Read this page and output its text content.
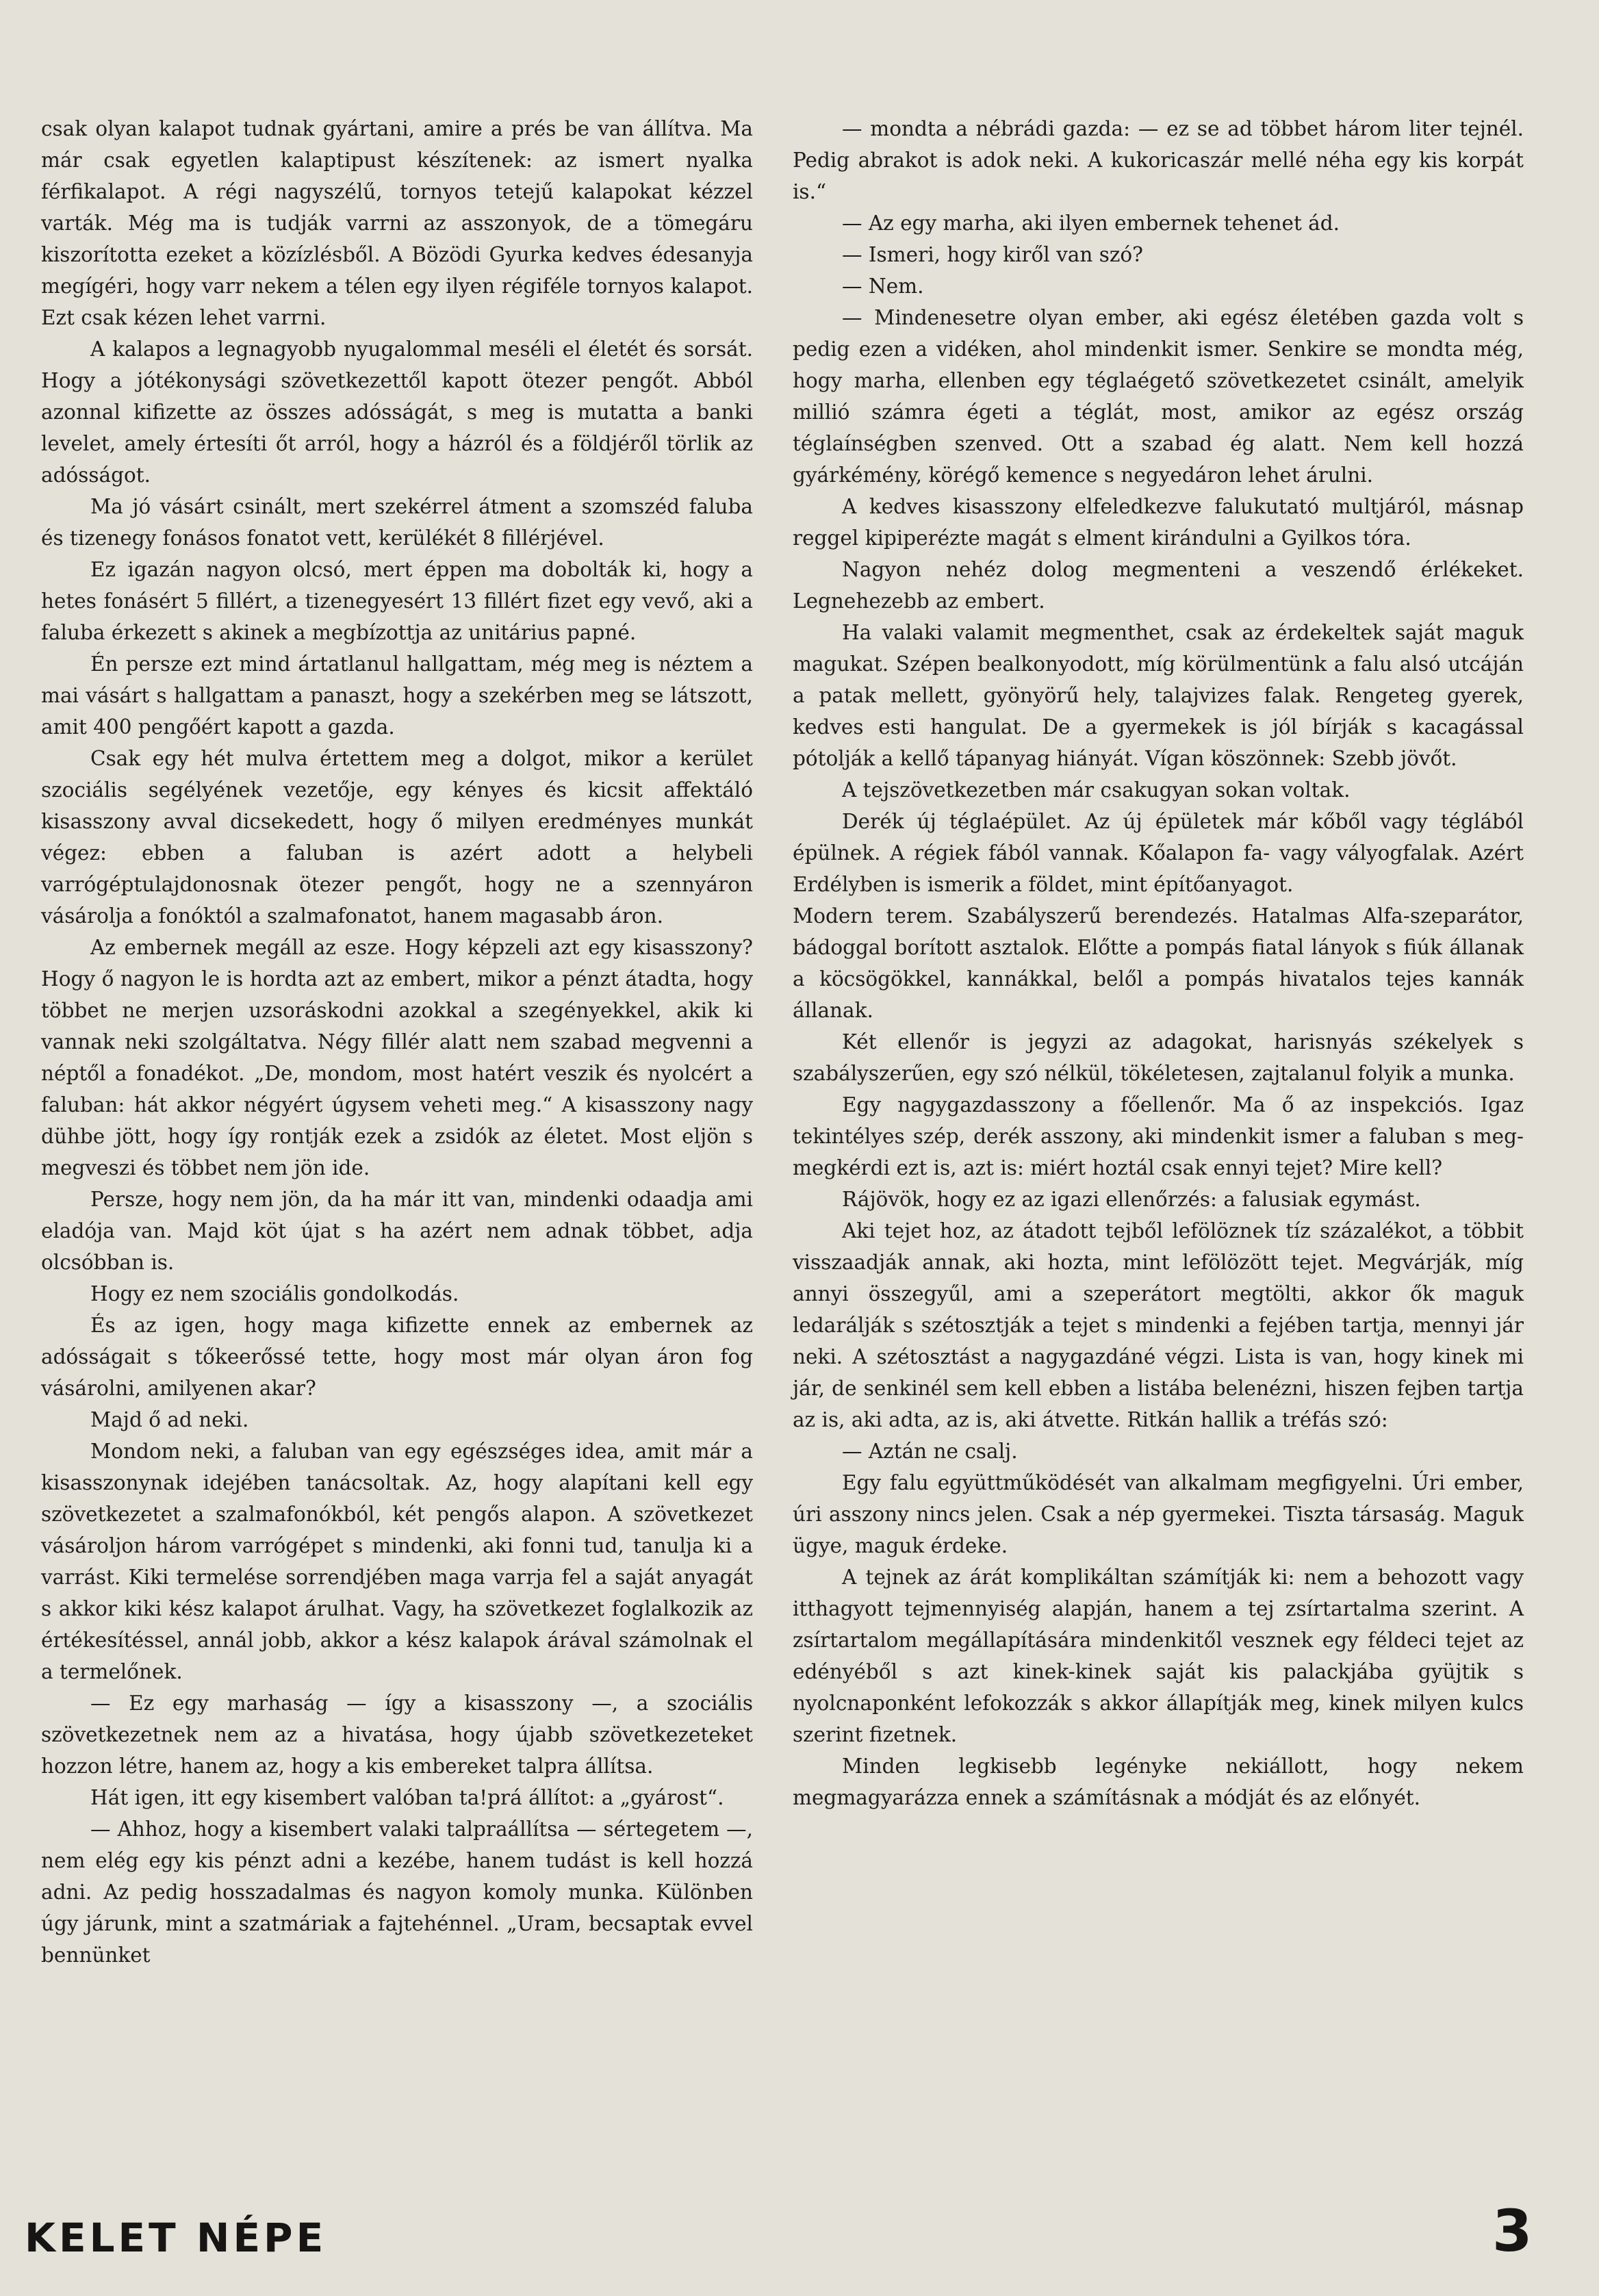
csak olyan kalapot tudnak gyártani, amire a prés be van állítva. Ma már csak egyetlen kalaptipust készítenek: az ismert nyalka férfikalapot. A régi nagyszélű, tornyos tetejű kalapokat kézzel varták. Még ma is tudják varrni az asszonyok, de a tömegáru kiszorította ezeket a közízlésből. A Bözödi Gyurka kedves édesanyja megígéri, hogy varr nekem a télen egy ilyen régiféle tornyos kalapot. Ezt csak kézen lehet varrni.

A kalapos a legnagyobb nyugalommal meséli el életét és sorsát. Hogy a jótékonysági szövetkezettől kapott ötezer pengőt. Abból azonnal kifizette az összes adósságát, s meg is mutatta a banki levelet, amely értesíti őt arról, hogy a házról és a földjéről törlik az adósságot.

Ma jó vásárt csinált, mert szekérrel átment a szomszéd faluba és tizenegy fonásos fonatot vett, kerülékét 8 fillérjével.

Ez igazán nagyon olcsó, mert éppen ma dobolták ki, hogy a hetes fonásért 5 fillért, a tizenegyesért 13 fillért fizet egy vevő, aki a faluba érkezett s akinek a megbízottja az unitárius papné.

Én persze ezt mind ártatlanul hallgattam, még meg is néztem a mai vásárt s hallgattam a panaszt, hogy a szekérben meg se látszott, amit 400 pengőért kapott a gazda.

Csak egy hét mulva értettem meg a dolgot, mikor a kerület szociális segélyének vezetője, egy kényes és kicsit affektáló kisasszony avval dicsekedett, hogy ő milyen eredményes munkát végez: ebben a faluban is azért adott a helybeli varrógéptulajdonosnak ötezer pengőt, hogy ne a szennyáron vásárolja a fonóktól a szalmafonatot, hanem magasabb áron.

Az embernek megáll az esze. Hogy képzeli azt egy kisasszony? Hogy ő nagyon le is hordta azt az embert, mikor a pénzt átadta, hogy többet ne merjen uzsoráskodni azokkal a szegényekkel, akik ki vannak neki szolgáltatva. Négy fillér alatt nem szabad megvenni a néptől a fonadékot. „De, mondom, most hatért veszik és nyolcért a faluban: hát akkor négyért úgysem veheti meg.“ A kisasszony nagy dühbe jött, hogy így rontják ezek a zsidók az életet. Most eljön s megveszi és többet nem jön ide.

Persze, hogy nem jön, da ha már itt van, mindenki odaadja ami eladója van. Majd köt újat s ha azért nem adnak többet, adja olcsóbban is.

Hogy ez nem szociális gondolkodás.

És az igen, hogy maga kifizette ennek az embernek az adósságait s tőkeerőssé tette, hogy most már olyan áron fog vásárolni, amilyenen akar?

Majd ő ad neki.

Mondom neki, a faluban van egy egészséges idea, amit már a kisasszonynak idejében tanácsoltak. Az, hogy alapítani kell egy szövetkezetet a szalmafonókból, két pengős alapon. A szövetkezet vásároljon három varrógépet s mindenki, aki fonni tud, tanulja ki a varrást. Kiki termelése sorrendjében maga varrja fel a saját anyagát s akkor kiki kész kalapot árulhat. Vagy, ha szövetkezet foglalkozik az értékesítéssel, annál jobb, akkor a kész kalapok árával számolnak el a termelőnek.

— Ez egy marhaság — így a kisasszony —, a szociális szövetkezetnek nem az a hivatása, hogy újabb szövetkezeteket hozzon létre, hanem az, hogy a kis embereket talpra állítsa.

Hát igen, itt egy kisembert valóban ta!prá állítot: a „gyárost“.

— Ahhoz, hogy a kisembert valaki talpraállítsa — sértegetem —, nem elég egy kis pénzt adni a kezébe, hanem tudást is kell hozzá adni. Az pedig hosszadalmas és nagyon komoly munka. Különben úgy járunk, mint a szatmáriak a fajtehénnel. „Uram, becsaptak evvel bennünket

— mondta a nébrádi gazda: — ez se ad többet három liter tejnél. Pedig abrakot is adok neki. A kukoricaszár mellé néha egy kis korpát is.“

— Az egy marha, aki ilyen embernek tehenet ád.

— Ismeri, hogy kiről van szó?

— Nem.

— Mindenesetre olyan ember, aki egész életében gazda volt s pedig ezen a vidéken, ahol mindenkit ismer. Senkire se mondta még, hogy marha, ellenben egy téglaégető szövetkezetet csinált, amelyik millió számra égeti a téglát, most, amikor az egész ország téglaínségben szenved. Ott a szabad ég alatt. Nem kell hozzá gyárkémény, körégő kemence s negyedáron lehet árulni.

A kedves kisasszony elfeledkezve falukutató multjáról, másnap reggel kipiperézte magát s elment kirándulni a Gyilkos tóra.

Nagyon nehéz dolog megmenteni a veszendő érlékeket. Legnehezebb az embert.

Ha valaki valamit megmenthet, csak az érdekeltek saját maguk magukat. Szépen bealkonyodott, míg körülmentünk a falu alsó utcáján a patak mellett, gyönyörű hely, talajvizes falak. Rengeteg gyerek, kedves esti hangulat. De a gyermekek is jól bírják s kacagással pótolják a kellő tápanyag hiányát. Vígan köszönnek: Szebb jövőt.

A tejszövetkezetben már csakugyan sokan voltak.

Derék új téglaépület. Az új épületek már kőből vagy téglából épülnek. A régiek fából vannak. Kőalapon fa- vagy vályogfalak. Azért Erdélyben is ismerik a földet, mint építőanyagot.

Modern terem. Szabályszerű berendezés. Hatalmas Alfa-szeparátor, bádoggal borított asztalok. Előtte a pompás fiatal lányok s fiúk állanak a köcsögökkel, kannákkal, belől a pompás hivatalos tejes kannák állanak.

Két ellenőr is jegyzi az adagokat, harisnyás székelyek s szabályszerűen, egy szó nélkül, tökéletesen, zajtalanul folyik a munka.

Egy nagygazdasszony a főellenőr. Ma ő az inspekciós. Igaz tekintélyes szép, derék asszony, aki mindenkit ismer a faluban s meg-megkérdi ezt is, azt is: miért hoztál csak ennyi tejet? Mire kell?

Rájövök, hogy ez az igazi ellenőrzés: a falusiak egymást.

Aki tejet hoz, az átadott tejből lefölöznek tíz százalékot, a többit visszaadják annak, aki hozta, mint lefölözött tejet. Megvárják, míg annyi összegyűl, ami a szeperátort megtölti, akkor ők maguk ledarálják s szétosztják a tejet s mindenki a fejében tartja, mennyi jár neki. A szétosztást a nagygazdáné végzi. Lista is van, hogy kinek mi jár, de senkinél sem kell ebben a listába belenézni, hiszen fejben tartja az is, aki adta, az is, aki átvette. Ritkán hallik a tréfás szó:

— Aztán ne csalj.

Egy falu együttműködését van alkalmam megfigyelni. Úri ember, úri asszony nincs jelen. Csak a nép gyermekei. Tiszta társaság. Maguk ügye, maguk érdeke.

A tejnek az árát komplikáltan számítják ki: nem a behozott vagy itthagyott tejmennyiség alapján, hanem a tej zsírtartalma szerint. A zsírtartalom megállapítására mindenkitől vesznek egy féldeci tejet az edényéből s azt kinek-kinek saját kis palackjába gyüjtik s nyolcnaponként lefokozzák s akkor állapítják meg, kinek milyen kulcs szerint fizetnek.

Minden legkisebb legényke nekiállott, hogy nekem megmagyarázza ennek a számításnak a módját és az előnyét.

KELET NÉPE	3
